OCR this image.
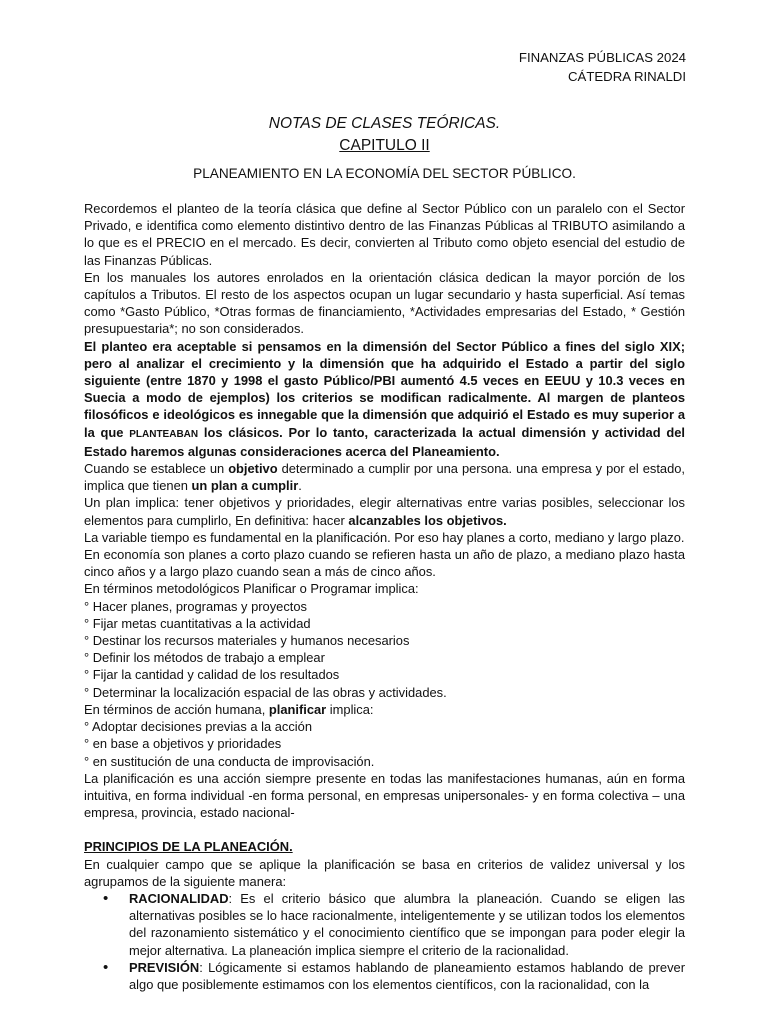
FINANZAS PÚBLICAS 2024
CÁTEDRA RINALDI
NOTAS DE CLASES TEÓRICAS.
CAPITULO II
PLANEAMIENTO EN LA ECONOMÍA DEL SECTOR PÚBLICO.

Recordemos el planteo de la teoría clásica que define al Sector Público con un paralelo con el Sector Privado, e identifica como elemento distintivo dentro de las Finanzas Públicas al TRIBUTO asimilando a lo que es el PRECIO en el mercado. Es decir, convierten al Tributo como objeto esencial del estudio de las Finanzas Públicas.

En los manuales los autores enrolados en la orientación clásica dedican la mayor porción de los capítulos a Tributos. El resto de los aspectos ocupan un lugar secundario y hasta superficial. Así temas como *Gasto Público, *Otras formas de financiamiento, *Actividades empresarias del Estado, * Gestión presupuestaria*; no son considerados.

El planteo era aceptable si pensamos en la dimensión del Sector Público a fines del siglo XIX; pero al analizar el crecimiento y la dimensión que ha adquirido el Estado a partir del siglo siguiente (entre 1870 y 1998 el gasto Público/PBI aumentó 4.5 veces en EEUU y 10.3 veces en Suecia a modo de ejemplos) los criterios se modifican radicalmente. Al margen de planteos filosóficos e ideológicos es innegable que la dimensión que adquirió el Estado es muy superior a la que PLANTEABAN los clásicos. Por lo tanto, caracterizada la actual dimensión y actividad del Estado haremos algunas consideraciones acerca del Planeamiento.

Cuando se establece un objetivo determinado a cumplir por una persona. una empresa y por el estado, implica que tienen un plan a cumplir.

Un plan implica: tener objetivos y prioridades, elegir alternativas entre varias posibles, seleccionar los elementos para cumplirlo, En definitiva: hacer alcanzables los objetivos.

La variable tiempo es fundamental en la planificación. Por eso hay planes a corto, mediano y largo plazo.

En economía son planes a corto plazo cuando se refieren hasta un año de plazo, a mediano plazo hasta cinco años y a largo plazo cuando sean a más de cinco años.

En términos metodológicos Planificar o Programar implica:

° Hacer planes, programas y proyectos

° Fijar metas cuantitativas a la actividad

° Destinar los recursos materiales y humanos necesarios

° Definir los métodos de trabajo a emplear

° Fijar la cantidad y calidad de los resultados

° Determinar la localización espacial de las obras y actividades.

En términos de acción humana, planificar implica:

° Adoptar decisiones previas a la acción

° en base a objetivos y prioridades

° en sustitución de una conducta de improvisación.

La planificación es una acción siempre presente en todas las manifestaciones humanas, aún en forma intuitiva, en forma individual -en forma personal, en empresas unipersonales- y en forma colectiva – una empresa, provincia, estado nacional-

PRINCIPIOS DE LA PLANEACIÓN.

En cualquier campo que se aplique la planificación se basa en criterios de validez universal y los agrupamos de la siguiente manera:

• RACIONALIDAD: Es el criterio básico que alumbra la planeación. Cuando se eligen las alternativas posibles se lo hace racionalmente, inteligentemente y se utilizan todos los elementos del razonamiento sistemático y el conocimiento científico que se impongan para poder elegir la mejor alternativa. La planeación implica siempre el criterio de la racionalidad.
• PREVISIÓN: Lógicamente si estamos hablando de planeamiento estamos hablando de prever algo que posiblemente estimamos con los elementos científicos, con la racionalidad, con la
